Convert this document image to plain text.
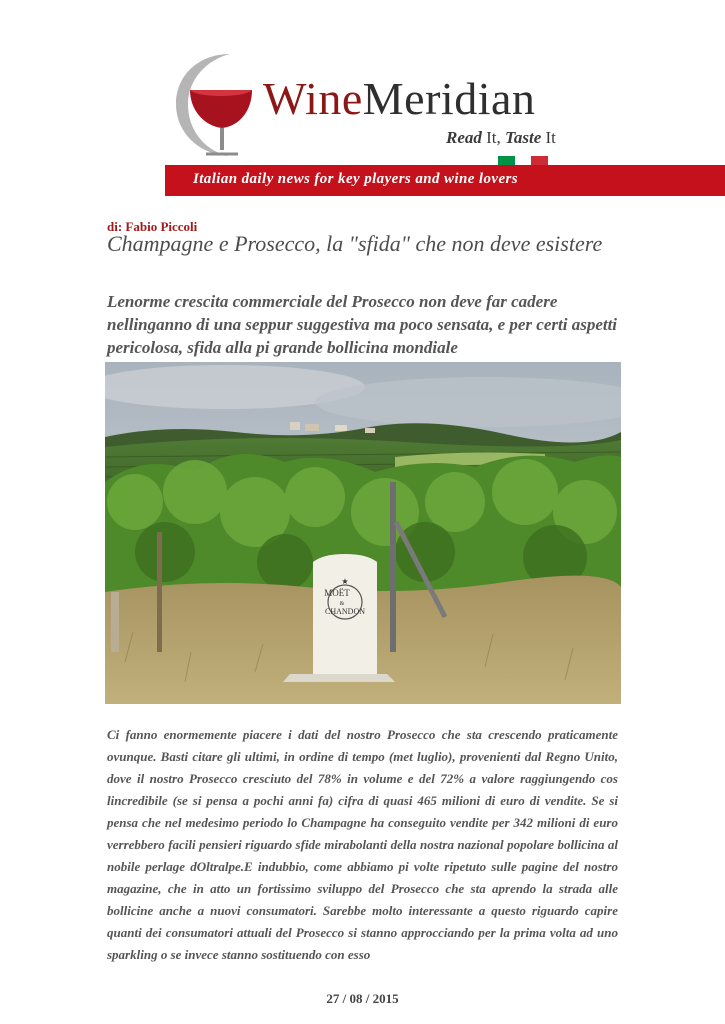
WineMeridian
Read It, Taste It
Italian daily news for key players and wine lovers
di: Fabio Piccoli
Champagne e Prosecco, la "sfida" che non deve esistere

Lenorme crescita commerciale del Prosecco non deve far cadere nellinganno di una seppur suggestiva ma poco sensata, e per certi aspetti pericolosa, sfida alla pi grande bollicina mondiale

★
MOËT
&
CHANDON

Ci fanno enormemente piacere i dati del nostro Prosecco che sta crescendo praticamente ovunque. Basti citare gli ultimi, in ordine di tempo (met luglio), provenienti dal Regno Unito, dove il nostro Prosecco cresciuto del 78% in volume e del 72% a valore raggiungendo cos lincredibile (se si pensa a pochi anni fa) cifra di quasi 465 milioni di euro di vendite. Se si pensa che nel medesimo periodo lo Champagne ha conseguito vendite per 342 milioni di euro verrebbero facili pensieri riguardo sfide mirabolanti della nostra nazional popolare bollicina al nobile perlage dOltralpe.E indubbio, come abbiamo pi volte ripetuto sulle pagine del nostro magazine, che in atto un fortissimo sviluppo del Prosecco che sta aprendo la strada alle bollicine anche a nuovi consumatori. Sarebbe molto interessante a questo riguardo capire quanti dei consumatori attuali del Prosecco si stanno approcciando per la prima volta ad uno sparkling o se invece stanno sostituendo con esso

27 / 08 / 2015
